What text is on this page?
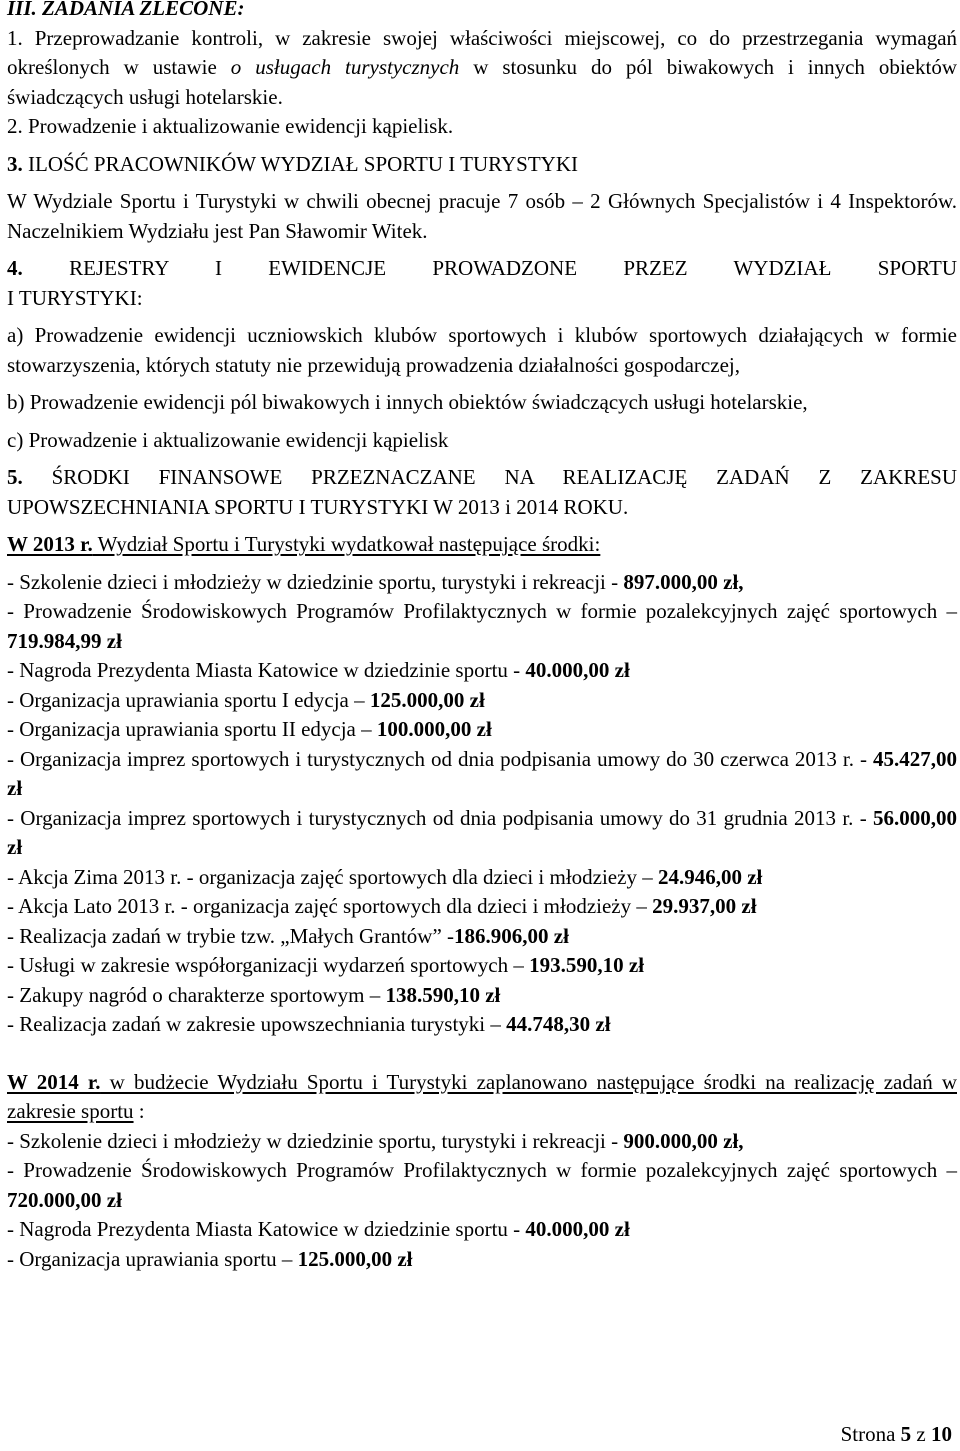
III. ZADANIA ZLECONE:

1. Przeprowadzanie kontroli, w zakresie swojej właściwości miejscowej, co do przestrzegania wymagań określonych w ustawie o usługach turystycznych w stosunku do pól biwakowych i innych obiektów świadczących usługi hotelarskie.

2. Prowadzenie i aktualizowanie ewidencji kąpielisk.

3. ILOŚĆ PRACOWNIKÓW WYDZIAŁ SPORTU I TURYSTYKI

W Wydziale Sportu i Turystyki w chwili obecnej pracuje 7 osób – 2 Głównych Specjalistów i 4 Inspektorów. Naczelnikiem Wydziału jest Pan Sławomir Witek.

4. REJESTRY I EWIDENCJE PROWADZONE PRZEZ WYDZIAŁ SPORTU

I TURYSTYKI:

a) Prowadzenie ewidencji uczniowskich klubów sportowych i klubów sportowych działających w formie stowarzyszenia, których statuty nie przewidują prowadzenia działalności gospodarczej,

b) Prowadzenie ewidencji pól biwakowych i innych obiektów świadczących usługi hotelarskie,

c) Prowadzenie i aktualizowanie ewidencji kąpielisk

5. ŚRODKI FINANSOWE PRZEZNACZANE NA REALIZACJĘ ZADAŃ Z ZAKRESU UPOWSZECHNIANIA SPORTU I TURYSTYKI W 2013 i 2014 ROKU.

W 2013 r. Wydział Sportu i Turystyki wydatkował następujące środki:

- Szkolenie dzieci i młodzieży w dziedzinie sportu, turystyki i rekreacji - 897.000,00 zł,

- Prowadzenie Środowiskowych Programów Profilaktycznych w formie pozalekcyjnych zajęć sportowych – 719.984,99 zł

- Nagroda Prezydenta Miasta Katowice w dziedzinie sportu - 40.000,00 zł

- Organizacja uprawiania sportu I edycja – 125.000,00 zł

- Organizacja uprawiania sportu II edycja – 100.000,00 zł

- Organizacja imprez sportowych i turystycznych od dnia podpisania umowy do 30 czerwca 2013 r. - 45.427,00 zł

- Organizacja imprez sportowych i turystycznych od dnia podpisania umowy do 31 grudnia 2013 r. - 56.000,00 zł

- Akcja Zima 2013 r. - organizacja zajęć sportowych dla dzieci i młodzieży – 24.946,00 zł

- Akcja Lato 2013 r. - organizacja zajęć sportowych dla dzieci i młodzieży – 29.937,00 zł

- Realizacja zadań w trybie tzw. „Małych Grantów” -186.906,00 zł

- Usługi w zakresie współorganizacji wydarzeń sportowych – 193.590,10 zł

- Zakupy nagród o charakterze sportowym – 138.590,10 zł

- Realizacja zadań w zakresie upowszechniania turystyki – 44.748,30 zł

W 2014 r. w budżecie Wydziału Sportu i Turystyki zaplanowano następujące środki na realizację zadań w zakresie sportu :

- Szkolenie dzieci i młodzieży w dziedzinie sportu, turystyki i rekreacji - 900.000,00 zł,

- Prowadzenie Środowiskowych Programów Profilaktycznych w formie pozalekcyjnych zajęć sportowych – 720.000,00 zł

- Nagroda Prezydenta Miasta Katowice w dziedzinie sportu - 40.000,00 zł

- Organizacja uprawiania sportu – 125.000,00 zł

Strona 5 z 10
